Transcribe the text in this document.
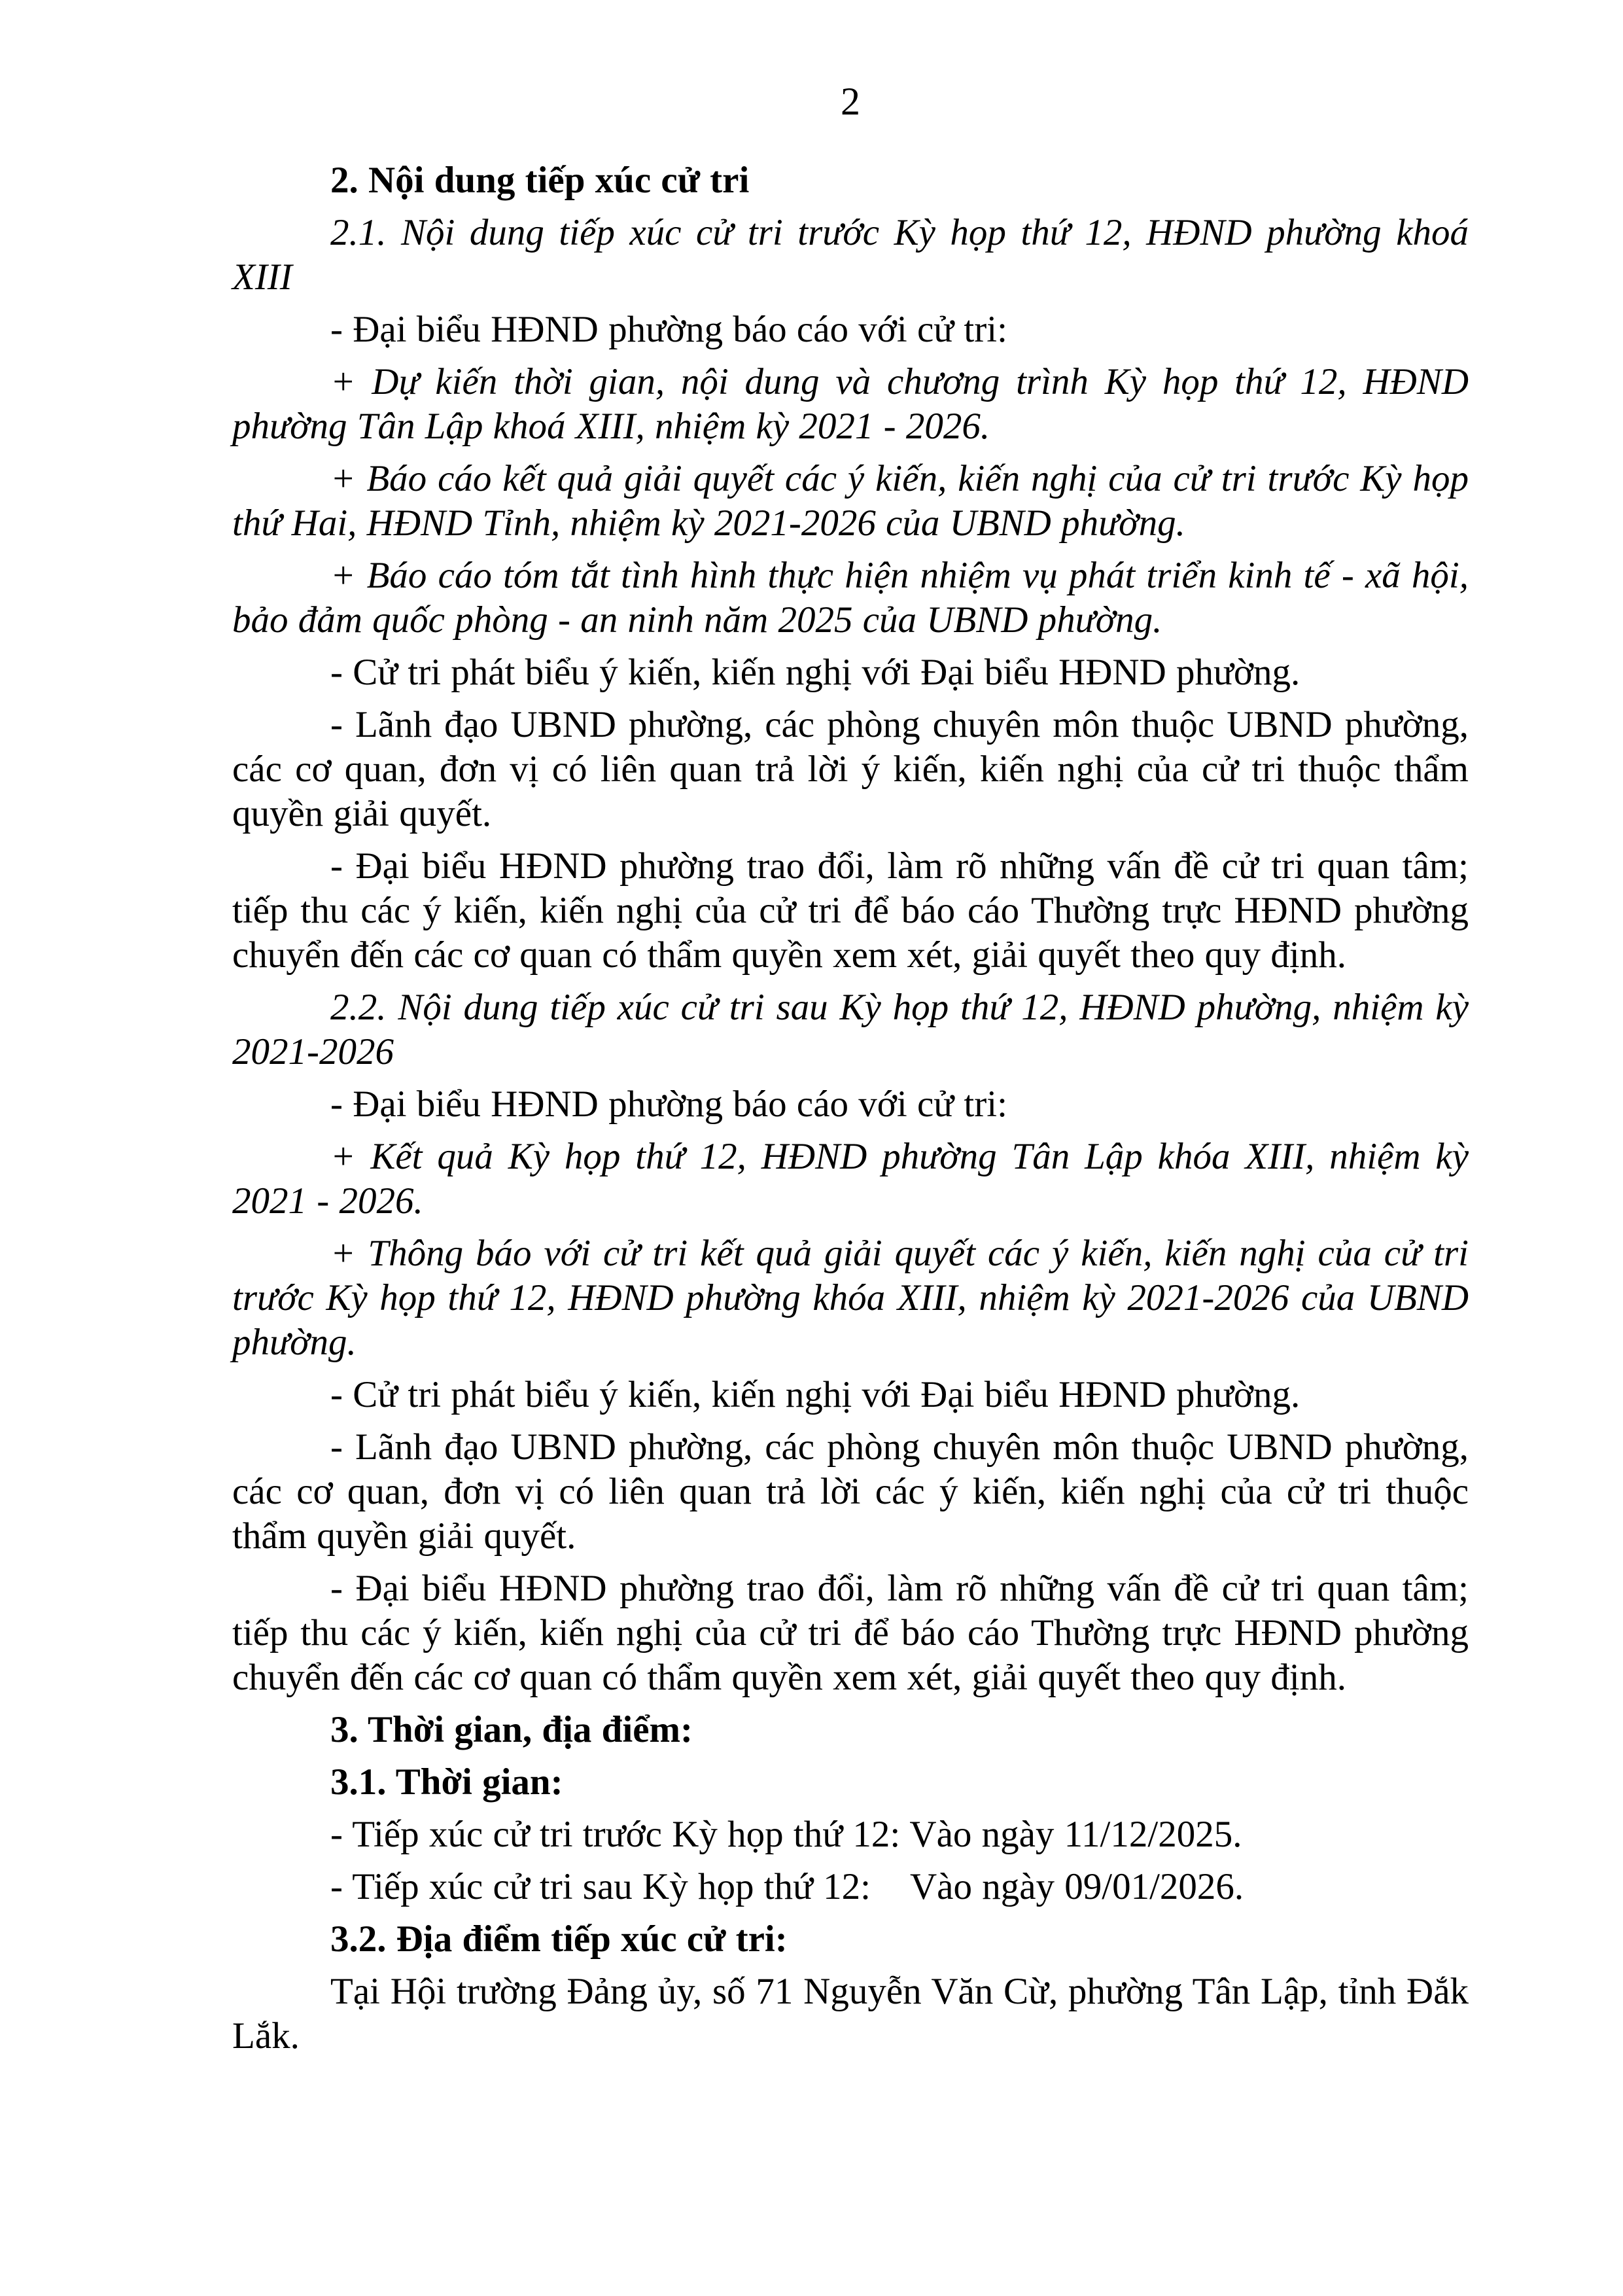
2

2. Nội dung tiếp xúc cử tri

2.1. Nội dung tiếp xúc cử tri trước Kỳ họp thứ 12, HĐND phường khoá XIII

- Đại biểu HĐND phường báo cáo với cử tri:

+ Dự kiến thời gian, nội dung và chương trình Kỳ họp thứ 12, HĐND phường Tân Lập khoá XIII, nhiệm kỳ 2021 - 2026.

+ Báo cáo kết quả giải quyết các ý kiến, kiến nghị của cử tri trước Kỳ họp thứ Hai, HĐND Tỉnh, nhiệm kỳ 2021-2026 của UBND phường.

+ Báo cáo tóm tắt tình hình thực hiện nhiệm vụ phát triển kinh tế - xã hội, bảo đảm quốc phòng - an ninh năm 2025 của UBND phường.

- Cử tri phát biểu ý kiến, kiến nghị với Đại biểu HĐND phường.

- Lãnh đạo UBND phường, các phòng chuyên môn thuộc UBND phường, các cơ quan, đơn vị có liên quan trả lời ý kiến, kiến nghị của cử tri thuộc thẩm quyền giải quyết.

- Đại biểu HĐND phường trao đổi, làm rõ những vấn đề cử tri quan tâm; tiếp thu các ý kiến, kiến nghị của cử tri để báo cáo Thường trực HĐND phường chuyển đến các cơ quan có thẩm quyền xem xét, giải quyết theo quy định.

2.2. Nội dung tiếp xúc cử tri sau Kỳ họp thứ 12, HĐND phường, nhiệm kỳ 2021-2026

- Đại biểu HĐND phường báo cáo với cử tri:

+ Kết quả Kỳ họp thứ 12, HĐND phường Tân Lập khóa XIII, nhiệm kỳ 2021 - 2026.

+ Thông báo với cử tri kết quả giải quyết các ý kiến, kiến nghị của cử tri trước Kỳ họp thứ 12, HĐND phường khóa XIII, nhiệm kỳ 2021-2026 của UBND phường.

- Cử tri phát biểu ý kiến, kiến nghị với Đại biểu HĐND phường.

- Lãnh đạo UBND phường, các phòng chuyên môn thuộc UBND phường, các cơ quan, đơn vị có liên quan trả lời các ý kiến, kiến nghị của cử tri thuộc thẩm quyền giải quyết.

- Đại biểu HĐND phường trao đổi, làm rõ những vấn đề cử tri quan tâm; tiếp thu các ý kiến, kiến nghị của cử tri để báo cáo Thường trực HĐND phường chuyển đến các cơ quan có thẩm quyền xem xét, giải quyết theo quy định.

3. Thời gian, địa điểm:

3.1. Thời gian:

- Tiếp xúc cử tri trước Kỳ họp thứ 12: Vào ngày 11/12/2025.

- Tiếp xúc cử tri sau Kỳ họp thứ 12:    Vào ngày 09/01/2026.

3.2. Địa điểm tiếp xúc cử tri:

Tại Hội trường Đảng ủy, số 71 Nguyễn Văn Cừ, phường Tân Lập, tỉnh Đắk Lắk.
